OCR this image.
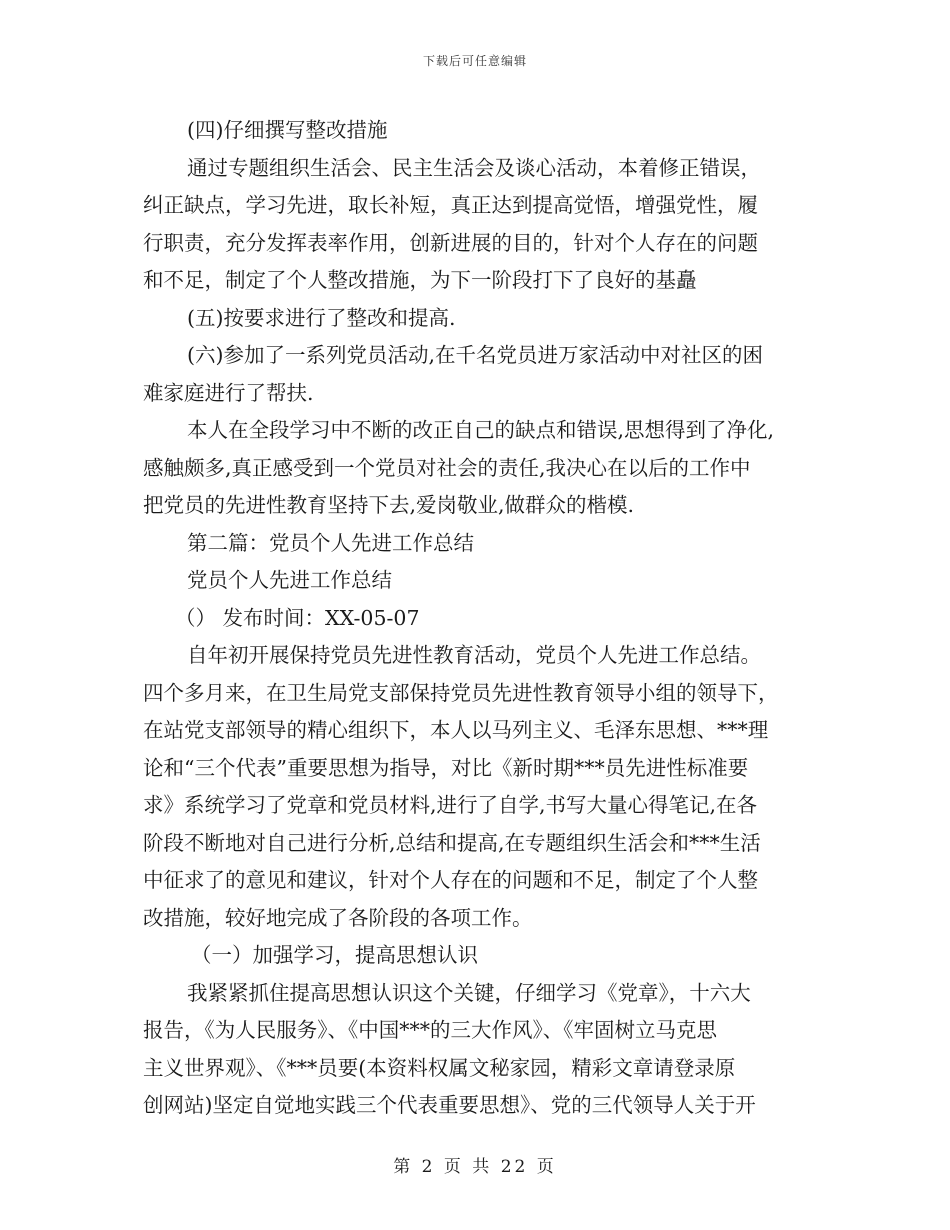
下载后可任意编辑
(四)仔细撰写整改措施
通过专题组织生活会、民主生活会及谈心活动，本着修正错误，
纠正缺点，学习先进，取长补短，真正达到提高觉悟，增强党性，履
行职责，充分发挥表率作用，创新进展的目的，针对个人存在的问题
和不足，制定了个人整改措施，为下一阶段打下了良好的基矗
(五)按要求进行了整改和提高.
(六)参加了一系列党员活动,在千名党员进万家活动中对社区的困
难家庭进行了帮扶.
本人在全段学习中不断的改正自己的缺点和错误,思想得到了净化,
感触颇多,真正感受到一个党员对社会的责任,我决心在以后的工作中
把党员的先进性教育坚持下去,爱岗敬业,做群众的楷模.
第二篇：党员个人先进工作总结
党员个人先进工作总结
（） 发布时间：XX-05-07
自年初开展保持党员先进性教育活动，党员个人先进工作总结。
四个多月来，在卫生局党支部保持党员先进性教育领导小组的领导下，
在站党支部领导的精心组织下，本人以马列主义、毛泽东思想、***理
论和“三个代表”重要思想为指导，对比《新时期***员先进性标准要
求》系统学习了党章和党员材料,进行了自学,书写大量心得笔记,在各
阶段不断地对自己进行分析,总结和提高,在专题组织生活会和***生活
中征求了的意见和建议，针对个人存在的问题和不足，制定了个人整
改措施，较好地完成了各阶段的各项工作。
（一）加强学习，提高思想认识
我紧紧抓住提高思想认识这个关键，仔细学习《党章》，十六大
报告，《为人民服务》、《中国***的三大作风》、《牢固树立马克思
主义世界观》、《***员要(本资料权属文秘家园，精彩文章请登录原
创网站)坚定自觉地实践三个代表重要思想》、党的三代领导人关于开
第 2 页 共 22 页
